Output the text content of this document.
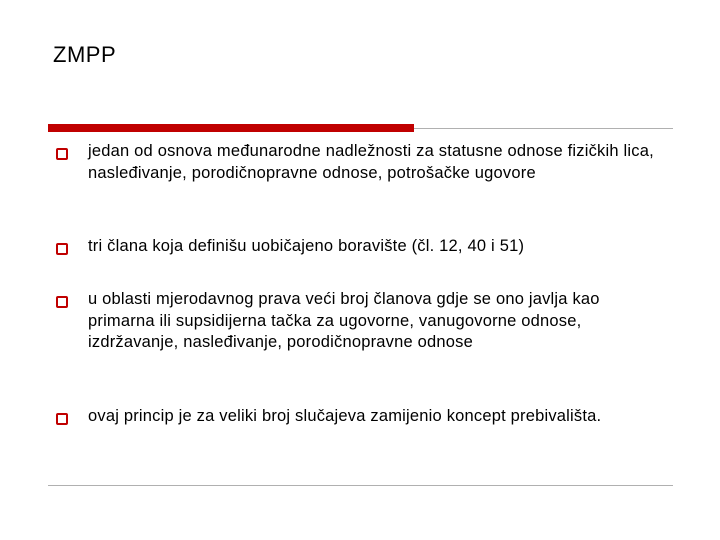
ZMPP
jedan od osnova međunarodne nadležnosti za statusne odnose fizičkih lica, nasleđivanje, porodičnopravne odnose, potrošačke ugovore
tri člana koja definišu uobičajeno boravište (čl. 12, 40 i 51)
u oblasti mjerodavnog prava veći broj članova gdje se ono javlja kao primarna ili supsidijerna tačka za ugovorne, vanugovorne odnose, izdržavanje, nasleđivanje, porodičnopravne odnose
ovaj princip je za veliki broj slučajeva zamijenio koncept prebivališta.
